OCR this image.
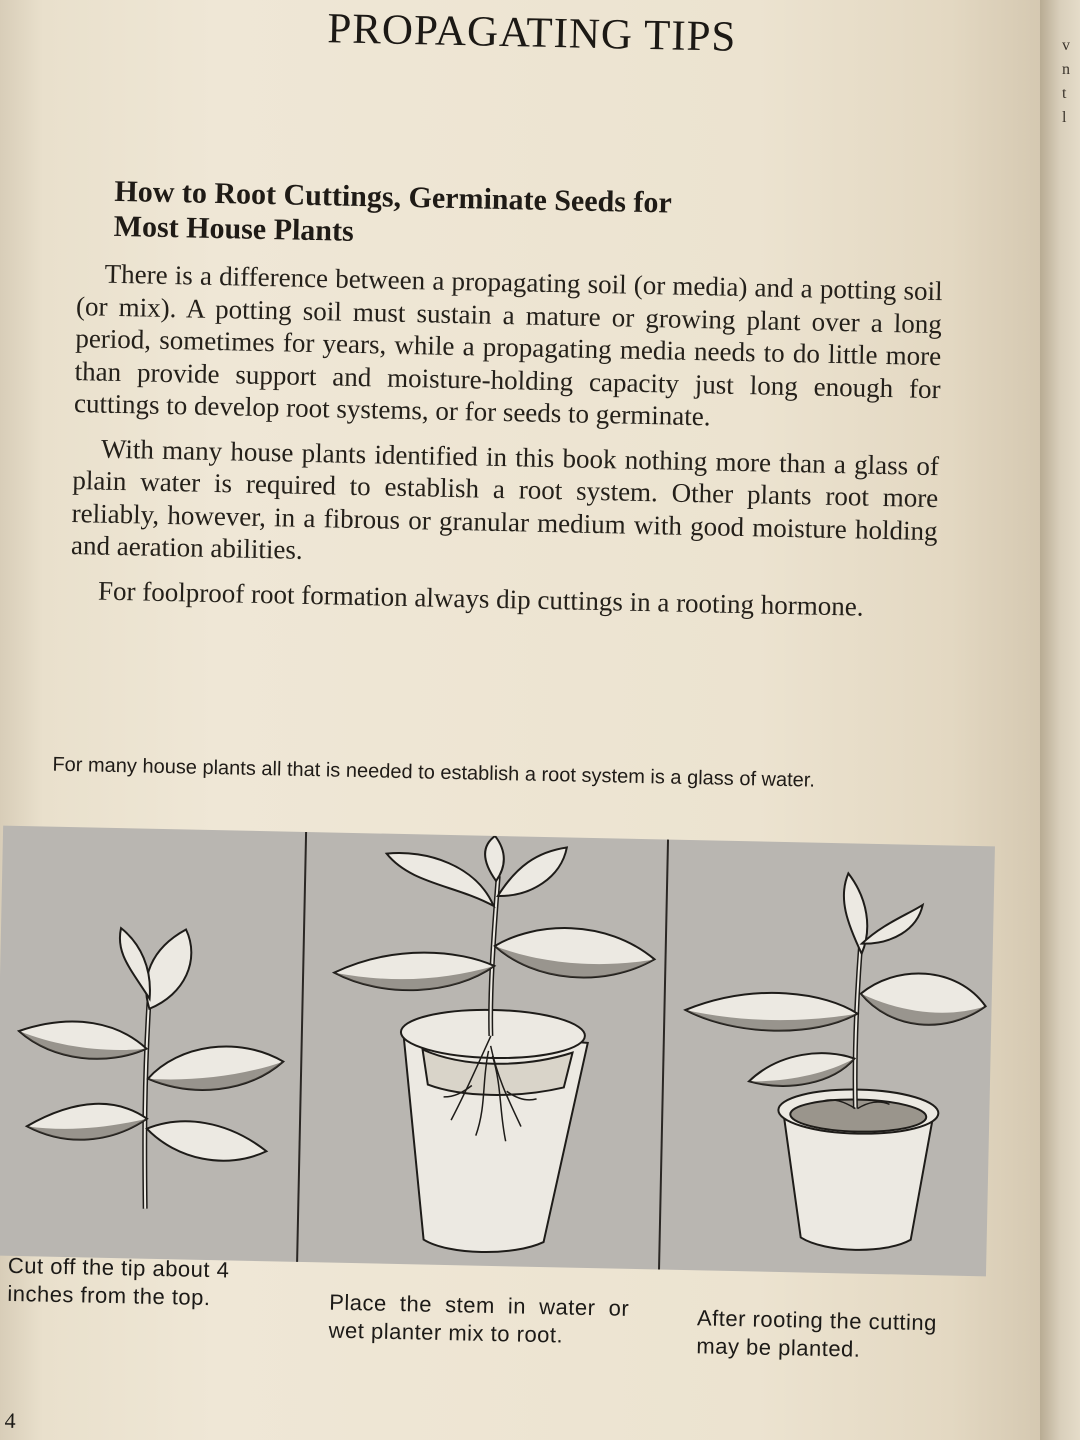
v
n
t
l
PROPAGATING TIPS
How to Root Cuttings, Germinate Seeds for Most House Plants

There is a difference between a propagating soil (or media) and a potting soil (or mix). A potting soil must sustain a mature or growing plant over a long period, sometimes for years, while a propagating media needs to do little more than provide support and moisture-holding capacity just long enough for cuttings to develop root systems, or for seeds to germinate.

With many house plants identified in this book nothing more than a glass of plain water is required to establish a root system. Other plants root more reliably, however, in a fibrous or granular medium with good moisture holding and aeration abilities.

For foolproof root formation always dip cuttings in a rooting hormone.

For many house plants all that is needed to establish a root system is a glass of water.

Cut off the tip about 4 inches from the top.	Place the stem in water or wet planter mix to root.	After rooting the cutting may be planted.

4
